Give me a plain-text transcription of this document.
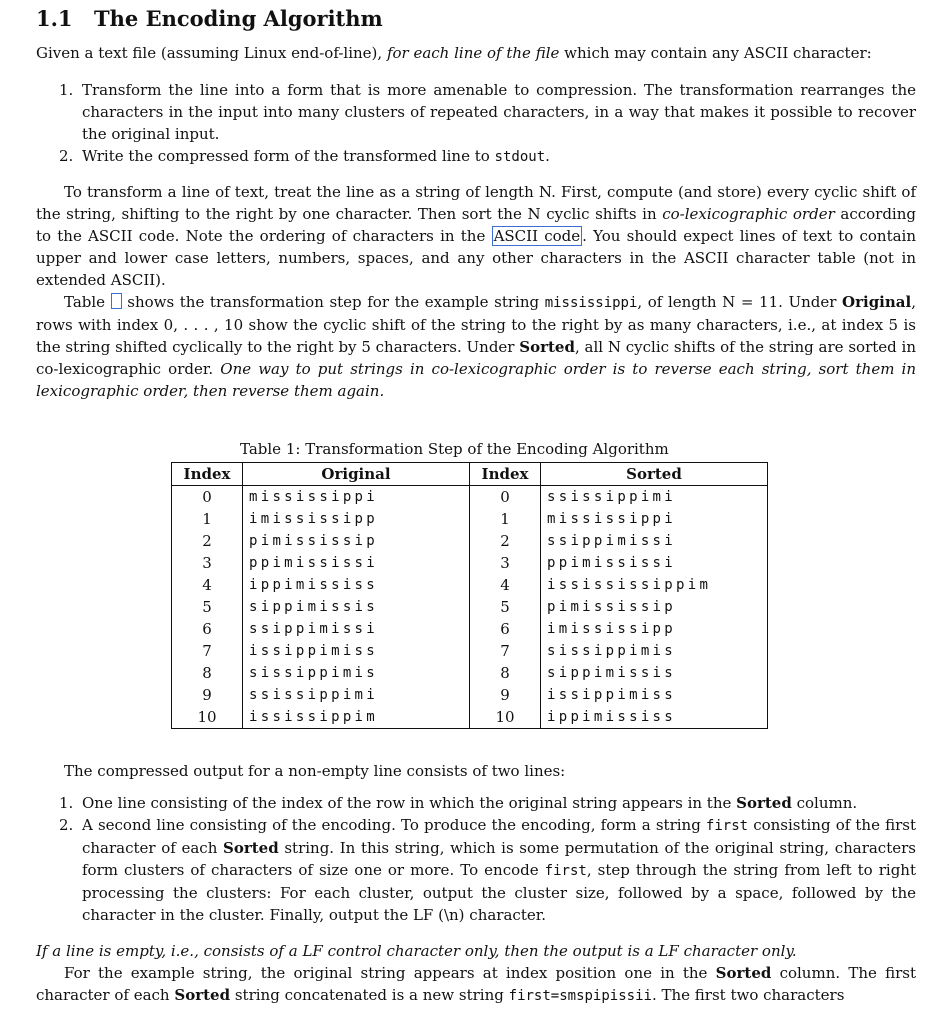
1.1 The Encoding Algorithm
Given a text file (assuming Linux end-of-line), for each line of the file which may contain any ASCII character:
1. Transform the line into a form that is more amenable to compression. The transformation rearranges the characters in the input into many clusters of repeated characters, in a way that makes it possible to recover the original input.
2. Write the compressed form of the transformed line to stdout.
To transform a line of text, treat the line as a string of length N. First, compute (and store) every cyclic shift of the string, shifting to the right by one character. Then sort the N cyclic shifts in co-lexicographic order according to the ASCII code. Note the ordering of characters in the ASCII code . You should expect lines of text to contain upper and lower case letters, numbers, spaces, and any other characters in the ASCII character table (not in extended ASCII).
Table  shows the transformation step for the example string mississippi, of length N = 11. Under Original, rows with index 0, . . . , 10 show the cyclic shift of the string to the right by as many characters, i.e., at index 5 is the string shifted cyclically to the right by 5 characters. Under Sorted, all N cyclic shifts of the string are sorted in co-lexicographic order. One way to put strings in co-lexicographic order is to reverse each string, sort them in lexicographic order, then reverse them again.
Table 1: Transformation Step of the Encoding Algorithm
Index	Original	Index	Sorted
0	mississippi	0	ssissippimi
1	imississipp	1	mississippi
2	pimississip	2	ssippimissi
3	ppimississi	3	ppimississi
4	ippimississ	4	issississippim
5	sippimissis	5	pimississip
6	ssippimissi	6	imississipp
7	issippimiss	7	sissippimis
8	sissippimis	8	sippimissis
9	ssissippimi	9	issippimiss
10	ississippim	10	ippimississ
The compressed output for a non-empty line consists of two lines:
1. One line consisting of the index of the row in which the original string appears in the Sorted column.
2. A second line consisting of the encoding. To produce the encoding, form a string first consisting of the first character of each Sorted string. In this string, which is some permutation of the original string, characters form clusters of characters of size one or more. To encode first, step through the string from left to right processing the clusters: For each cluster, output the cluster size, followed by a space, followed by the character in the cluster. Finally, output the LF (\n) character.
If a line is empty, i.e., consists of a LF control character only, then the output is a LF character only.
For the example string, the original string appears at index position one in the Sorted column. The first character of each Sorted string concatenated is a new string first=smspipissii. The first two characters
